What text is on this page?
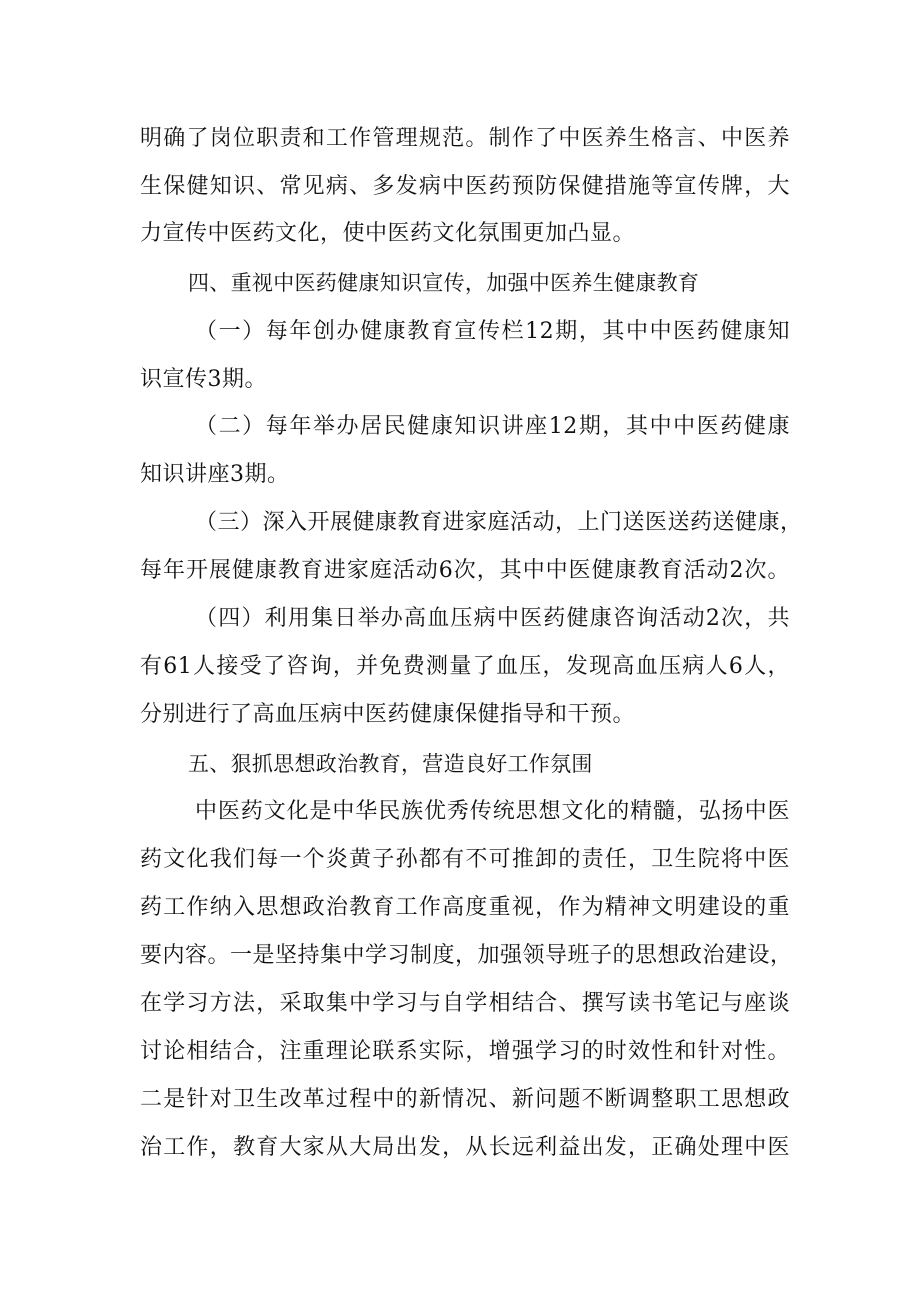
明确了岗位职责和工作管理规范。制作了中医养生格言、中医养
生保健知识、常见病、多发病中医药预防保健措施等宣传牌，大
力宣传中医药文化，使中医药文化氛围更加凸显。
四、重视中医药健康知识宣传，加强中医养生健康教育
（一）每年创办健康教育宣传栏12期，其中中医药健康知
识宣传3期。
（二）每年举办居民健康知识讲座12期，其中中医药健康
知识讲座3期。
（三）深入开展健康教育进家庭活动，上门送医送药送健康，
每年开展健康教育进家庭活动6次，其中中医健康教育活动2次。
（四）利用集日举办高血压病中医药健康咨询活动2次，共
有61人接受了咨询，并免费测量了血压，发现高血压病人6人，
分别进行了高血压病中医药健康保健指导和干预。
五、狠抓思想政治教育，营造良好工作氛围
中医药文化是中华民族优秀传统思想文化的精髓，弘扬中医
药文化我们每一个炎黄子孙都有不可推卸的责任，卫生院将中医
药工作纳入思想政治教育工作高度重视，作为精神文明建设的重
要内容。一是坚持集中学习制度，加强领导班子的思想政治建设，
在学习方法，采取集中学习与自学相结合、撰写读书笔记与座谈
讨论相结合，注重理论联系实际，增强学习的时效性和针对性。
二是针对卫生改革过程中的新情况、新问题不断调整职工思想政
治工作，教育大家从大局出发，从长远利益出发，正确处理中医
